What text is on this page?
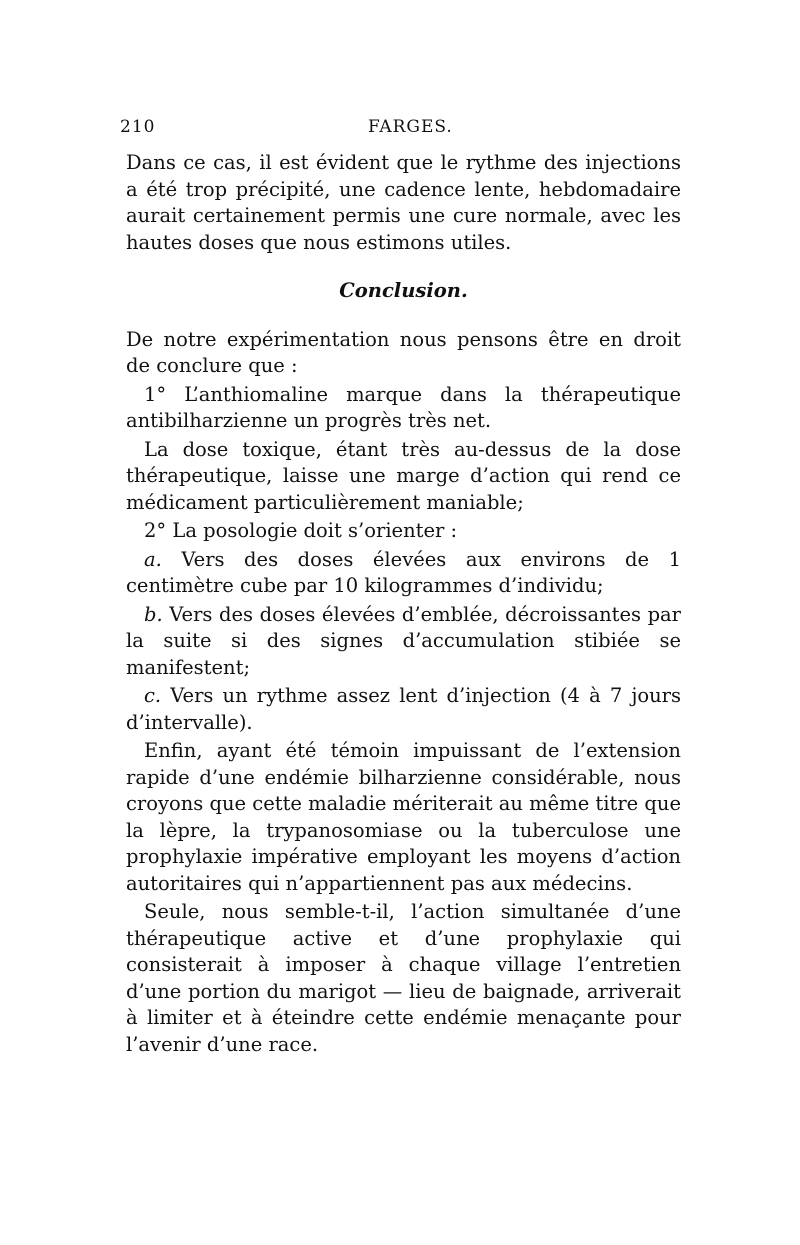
210	FARGES.

Dans ce cas, il est évident que le rythme des injections a été trop précipité, une cadence lente, hebdomadaire aurait certainement permis une cure normale, avec les hautes doses que nous estimons utiles.

Conclusion.

De notre expérimentation nous pensons être en droit de conclure que :

1° L’anthiomaline marque dans la thérapeutique antibilharzienne un progrès très net.

La dose toxique, étant très au-dessus de la dose thérapeutique, laisse une marge d’action qui rend ce médicament particulièrement maniable;

2° La posologie doit s’orienter :

a. Vers des doses élevées aux environs de 1 centimètre cube par 10 kilogrammes d’individu;

b. Vers des doses élevées d’emblée, décroissantes par la suite si des signes d’accumulation stibiée se manifestent;

c. Vers un rythme assez lent d’injection (4 à 7 jours d’intervalle).

Enfin, ayant été témoin impuissant de l’extension rapide d’une endémie bilharzienne considérable, nous croyons que cette maladie mériterait au même titre que la lèpre, la trypanosomiase ou la tuberculose une prophylaxie impérative employant les moyens d’action autoritaires qui n’appartiennent pas aux médecins.

Seule, nous semble-t-il, l’action simultanée d’une thérapeutique active et d’une prophylaxie qui consisterait à imposer à chaque village l’entretien d’une portion du marigot — lieu de baignade, arriverait à limiter et à éteindre cette endémie menaçante pour l’avenir d’une race.
